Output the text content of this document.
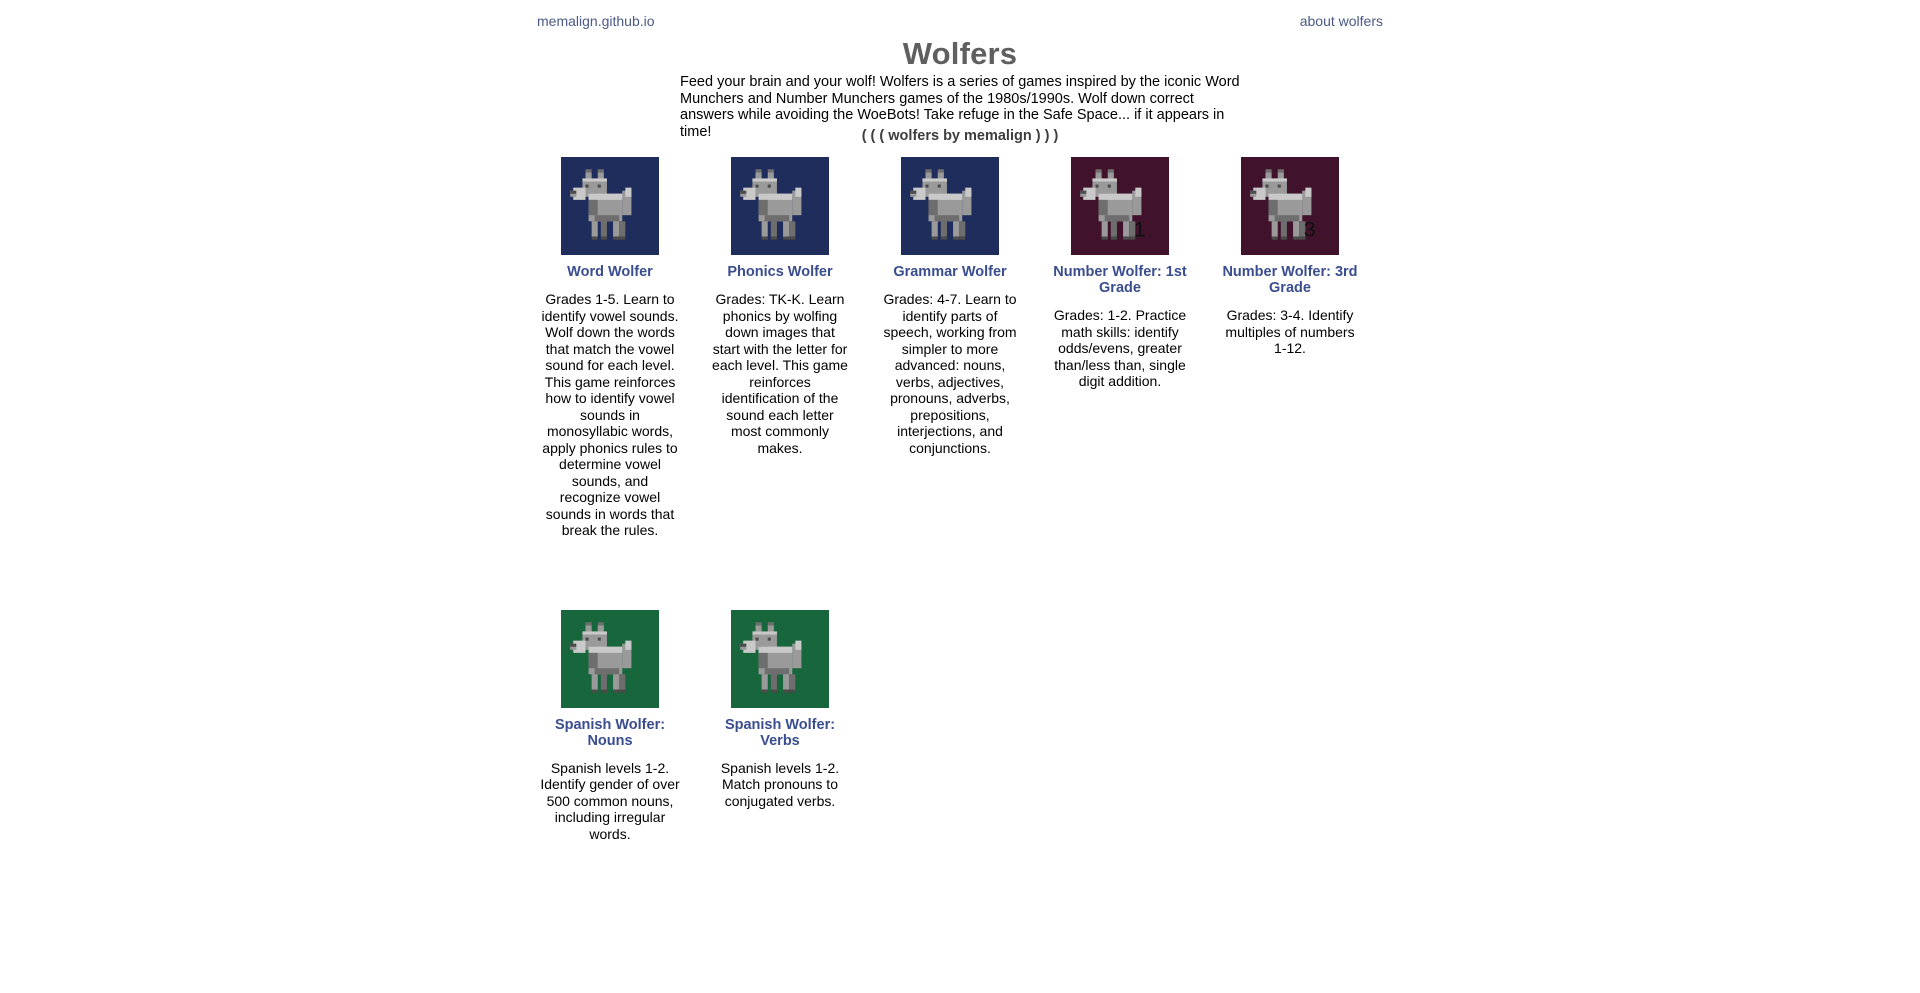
memalign.github.io	about wolfers
Wolfers

Feed your brain and your wolf! Wolfers is a series of games inspired by the iconic Word Munchers and Number Munchers games of the 1980s/1990s. Wolf down correct answers while avoiding the WoeBots! Take refuge in the Safe Space... if it appears in time!	( ( ( wolfers by memalign ) ) )
Word Wolfer
Grades 1-5. Learn to identify vowel sounds. Wolf down the words that match the vowel sound for each level. This game reinforces how to identify vowel sounds in monosyllabic words, apply phonics rules to determine vowel sounds, and recognize vowel sounds in words that break the rules.
Phonics Wolfer
Grades: TK-K. Learn phonics by wolfing down images that start with the letter for each level. This game reinforces identification of the sound each letter most commonly makes.
Grammar Wolfer
Grades: 4-7. Learn to identify parts of speech, working from simpler to more advanced: nouns, verbs, adjectives, pronouns, adverbs, prepositions, interjections, and conjunctions.
1
Number Wolfer: 1st Grade
Grades: 1-2. Practice math skills: identify odds/evens, greater than/less than, single digit addition.
3
Number Wolfer: 3rd Grade
Grades: 3-4. Identify multiples of numbers 1-12.
Spanish Wolfer: Nouns
Spanish levels 1-2. Identify gender of over 500 common nouns, including irregular words.
Spanish Wolfer: Verbs
Spanish levels 1-2. Match pronouns to conjugated verbs.
